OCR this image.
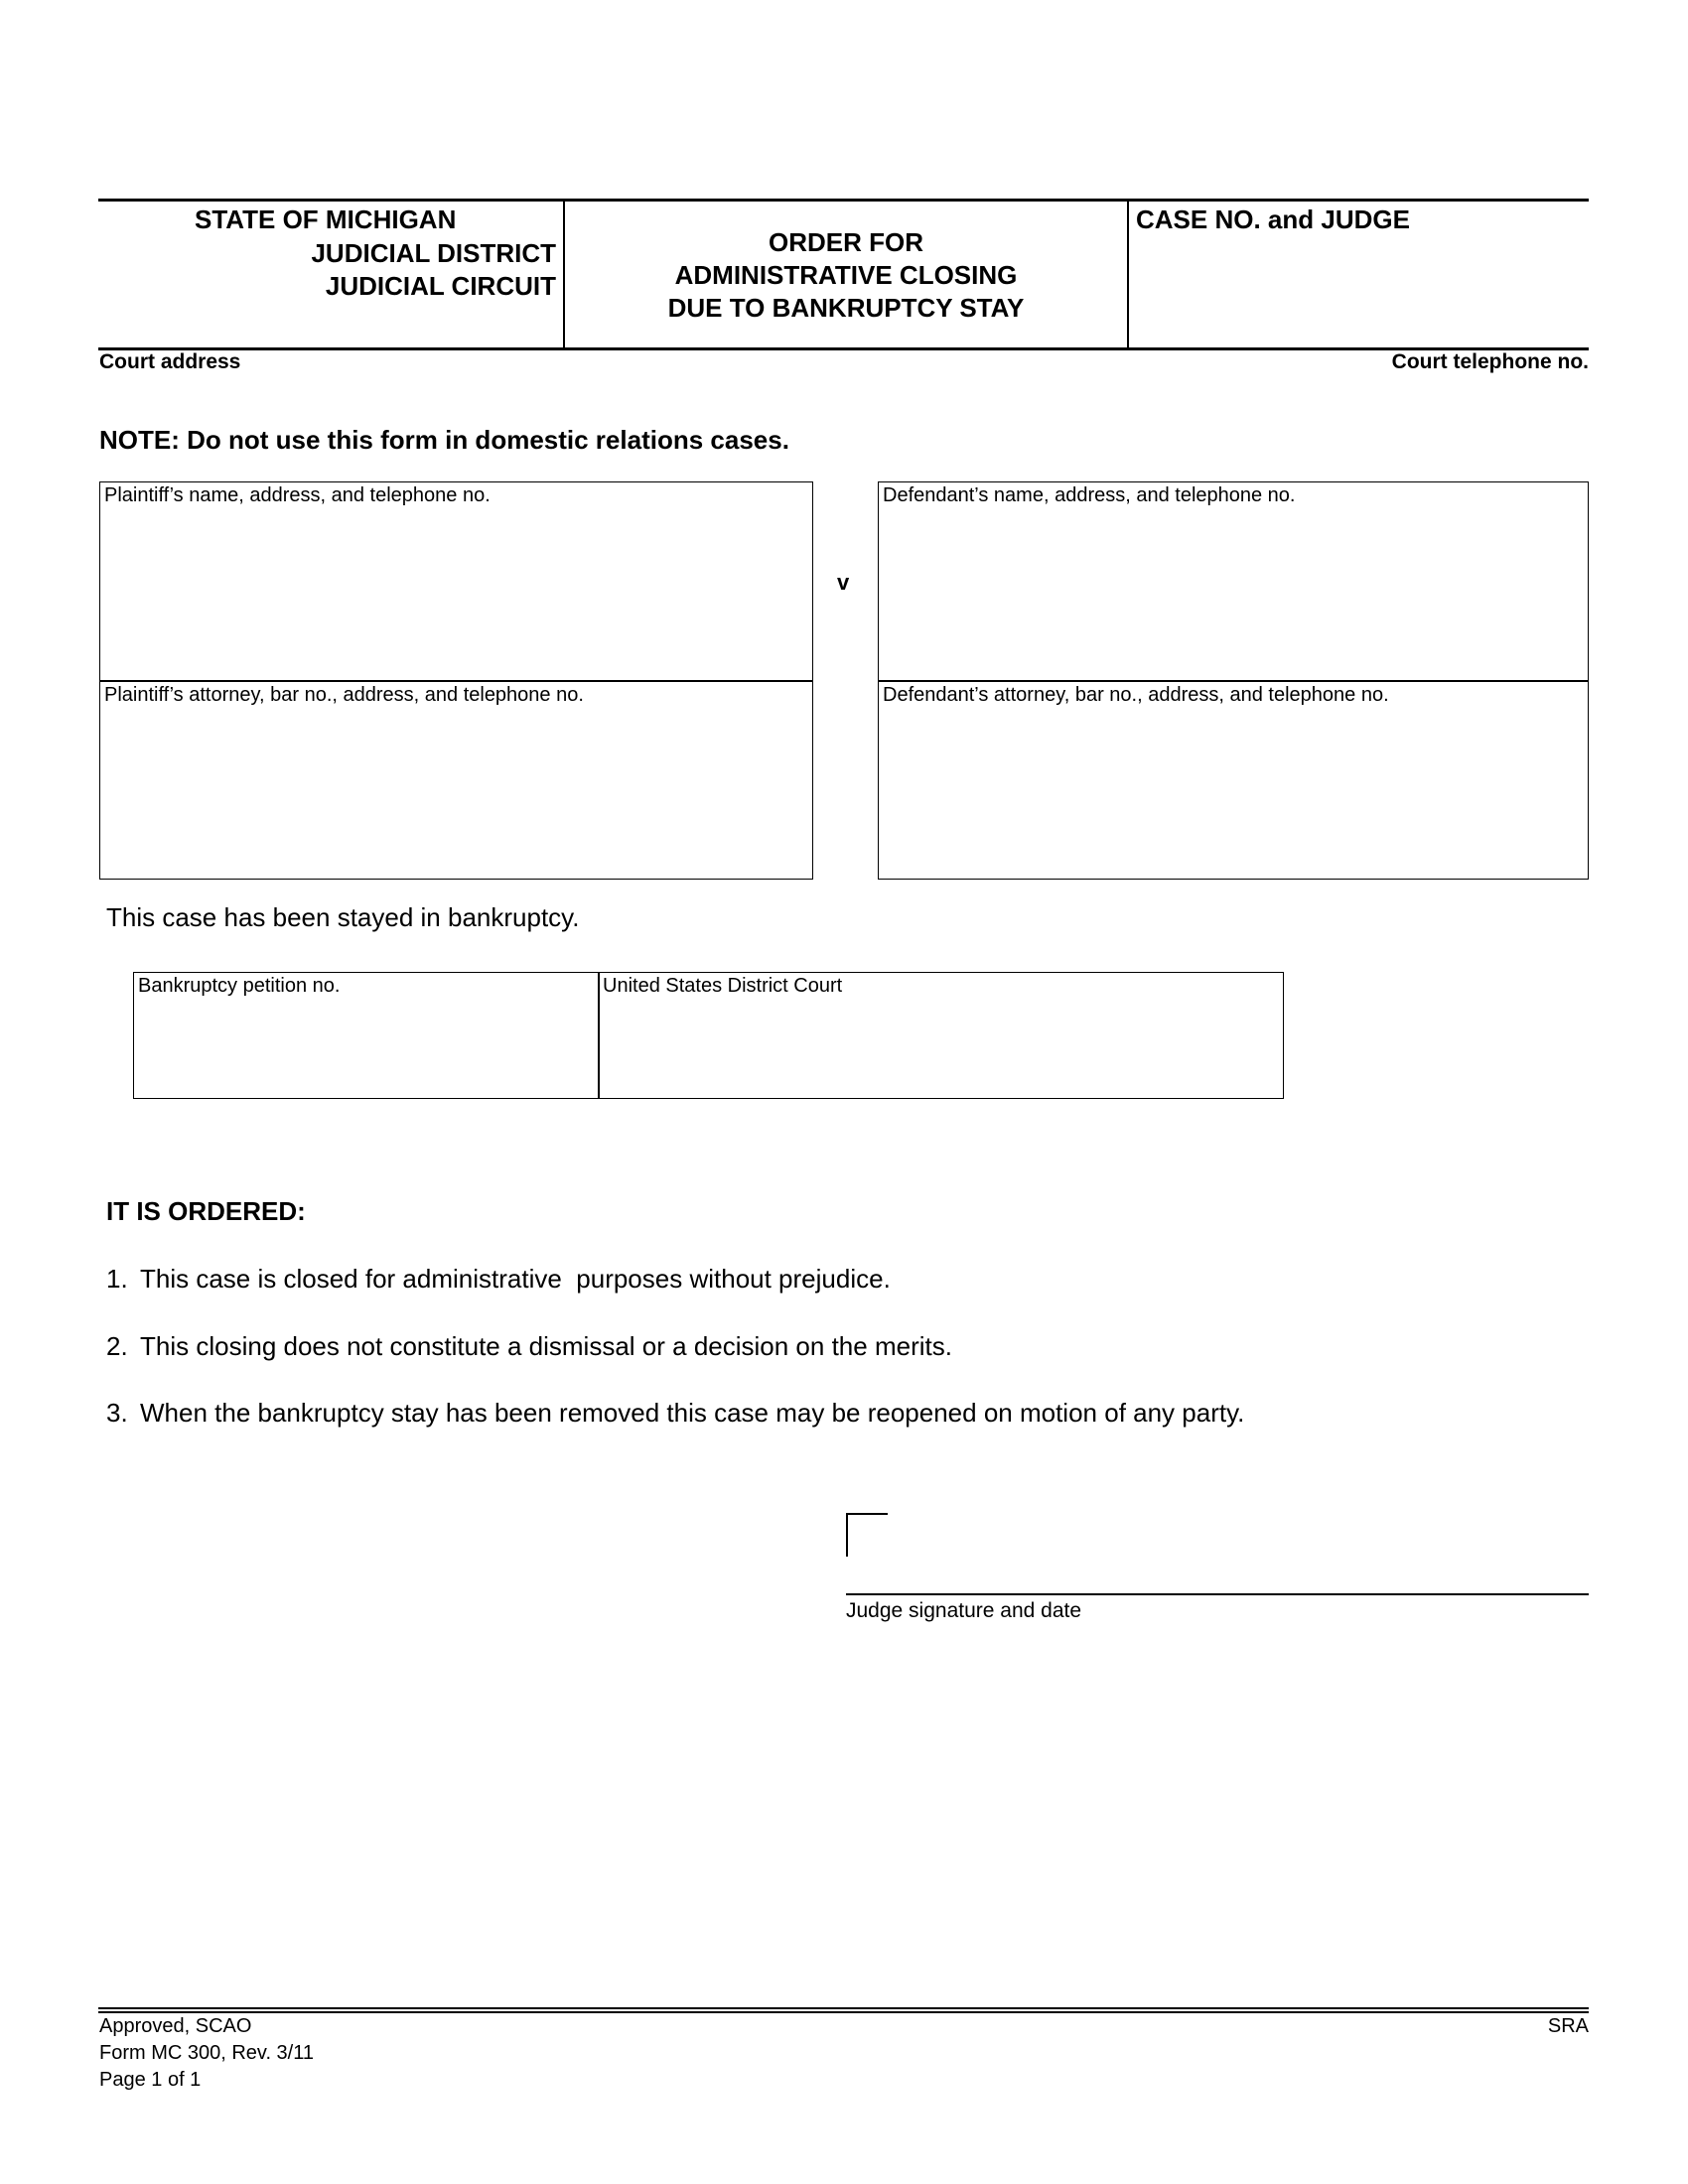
STATE OF MICHIGAN
JUDICIAL DISTRICT
JUDICIAL CIRCUIT
ORDER FOR
ADMINISTRATIVE CLOSING
DUE TO BANKRUPTCY STAY
CASE NO. and JUDGE
Court address	Court telephone no.
NOTE: Do not use this form in domestic relations cases.
Plaintiff’s name, address, and telephone no.
Plaintiff’s attorney, bar no., address, and telephone no.
v
Defendant’s name, address, and telephone no.
Defendant’s attorney, bar no., address, and telephone no.
This case has been stayed in bankruptcy.
Bankruptcy petition no.	United States District Court
IT IS ORDERED:
1. This case is closed for administrative  purposes without prejudice.
2. This closing does not constitute a dismissal or a decision on the merits.
3. When the bankruptcy stay has been removed this case may be reopened on motion of any party.
Judge signature and date
Approved, SCAO
Form MC 300, Rev. 3/11
Page 1 of 1
SRA
